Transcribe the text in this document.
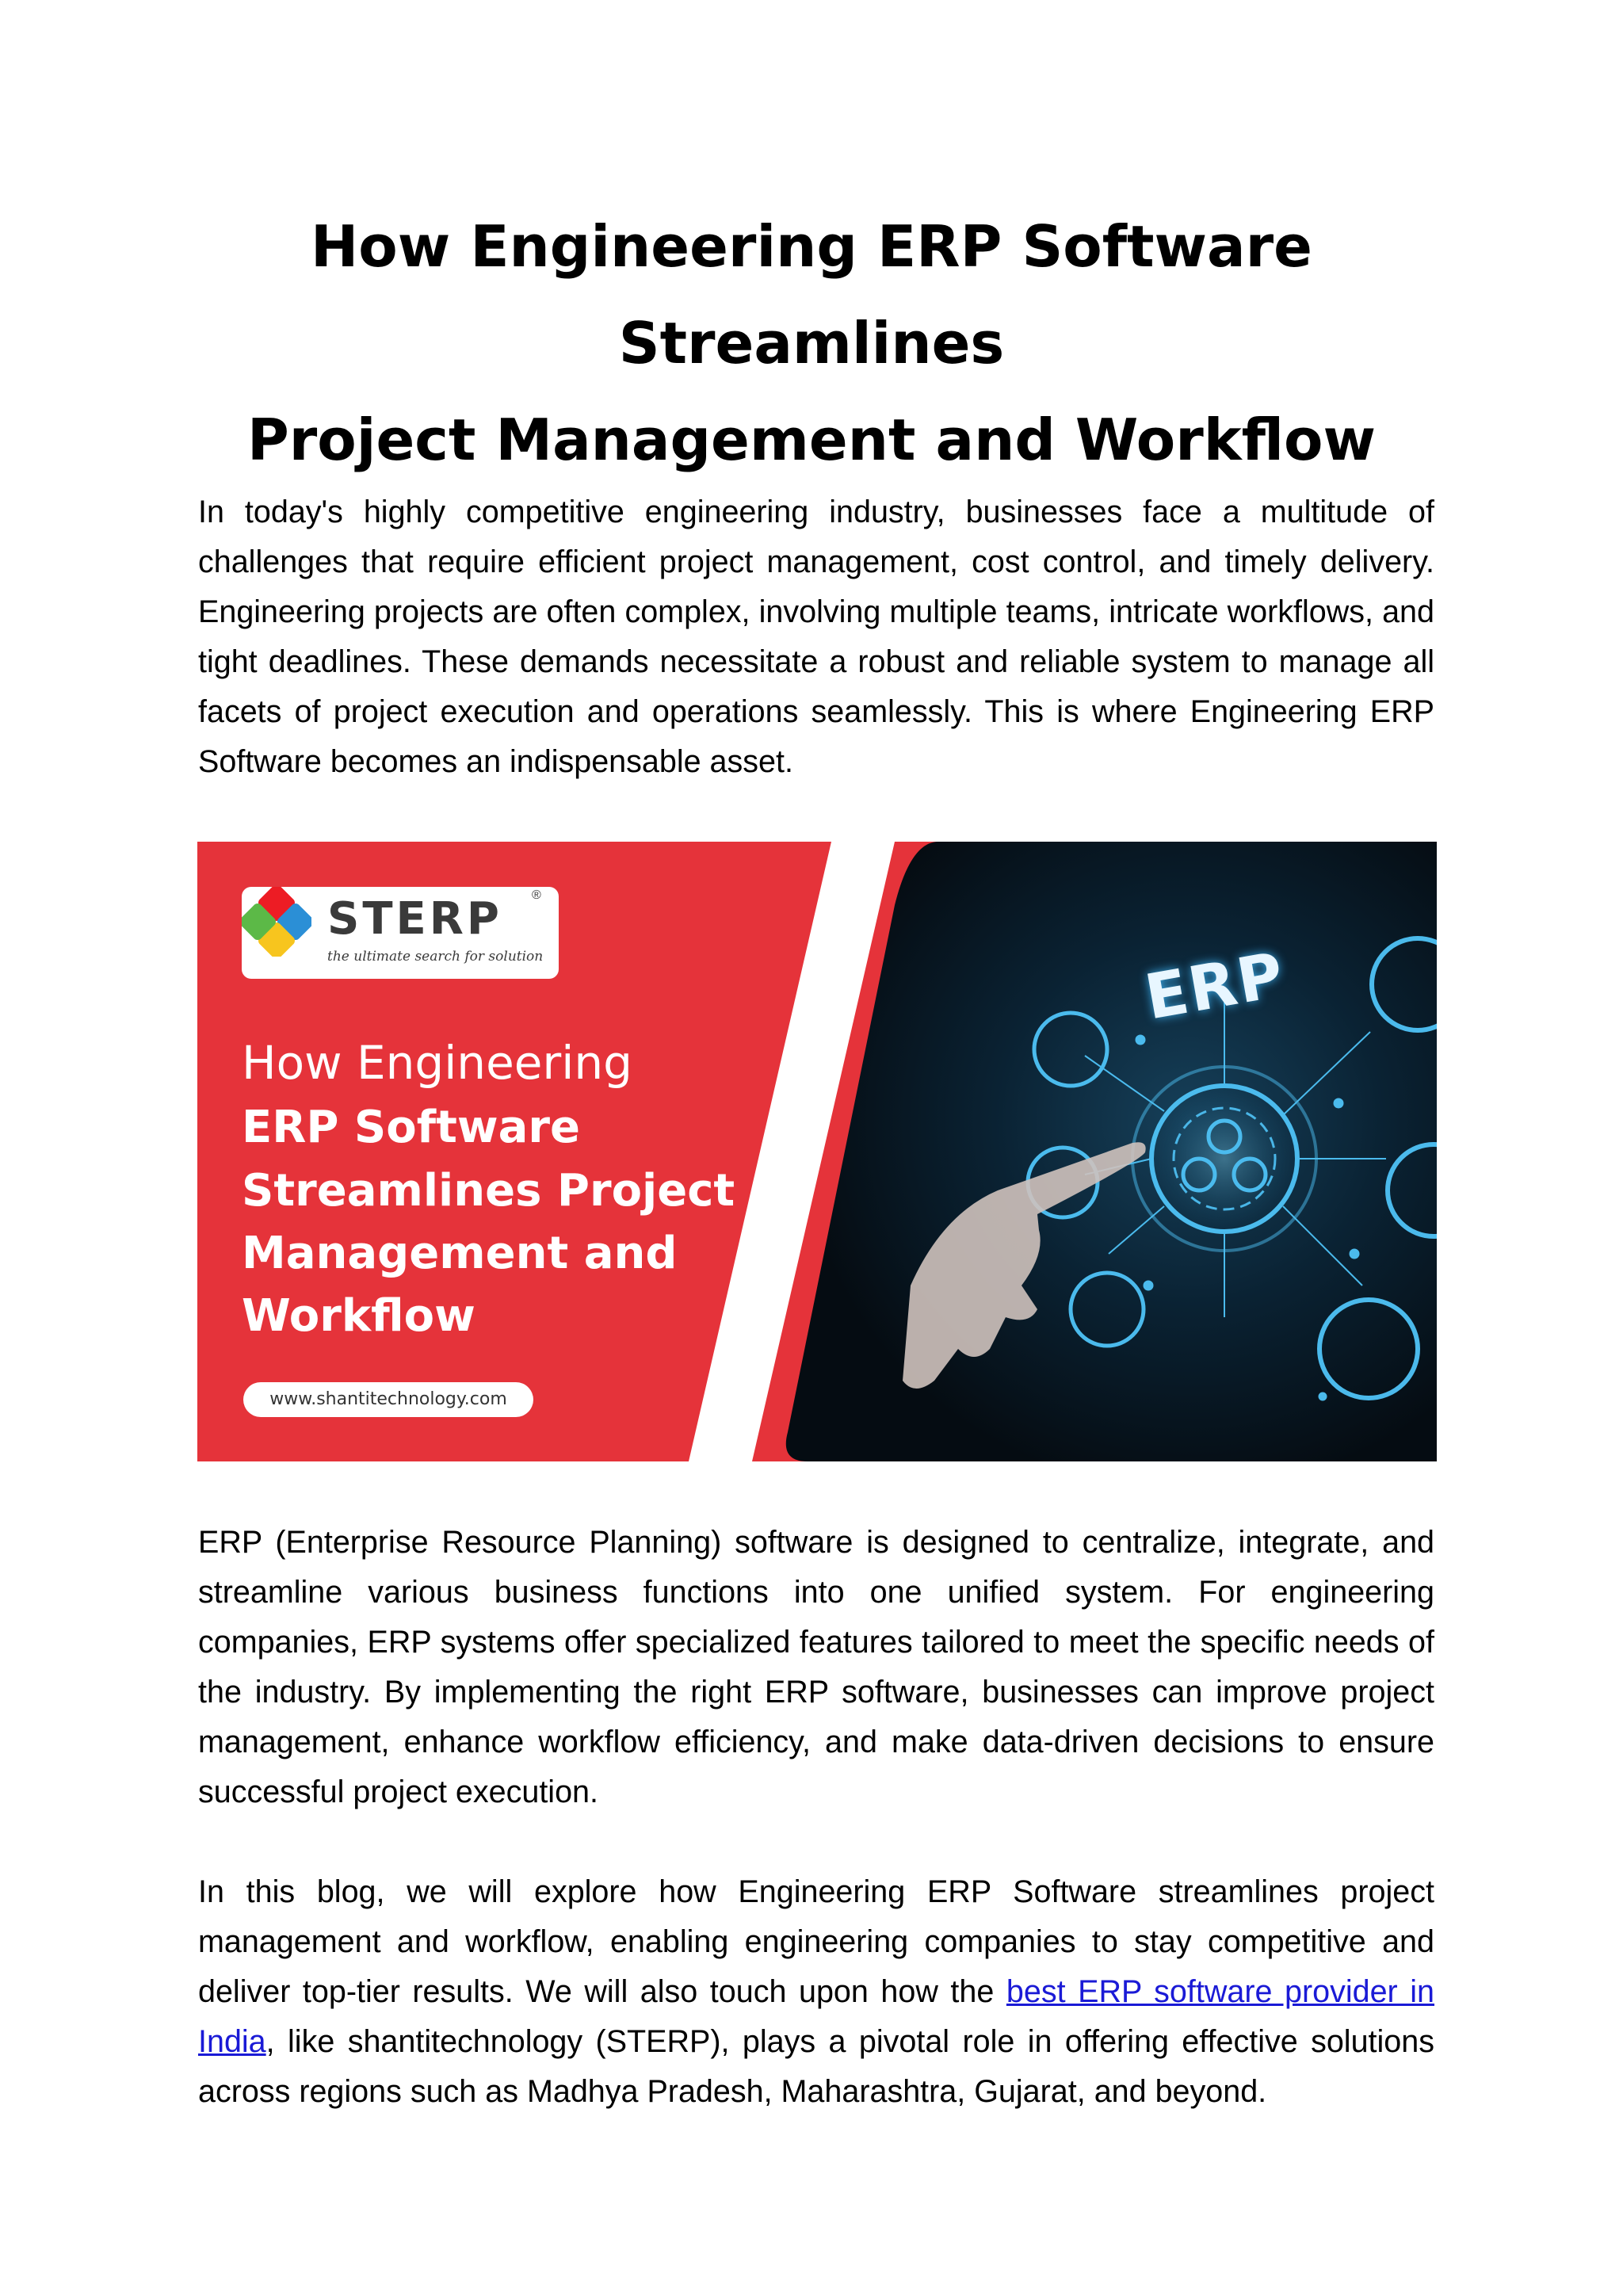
How Engineering ERP Software Streamlines
Project Management and Workflow

In today's highly competitive engineering industry, businesses face a multitude of challenges that require efficient project management, cost control, and timely delivery. Engineering projects are often complex, involving multiple teams, intricate workflows, and tight deadlines. These demands necessitate a robust and reliable system to manage all facets of project execution and operations seamlessly. This is where Engineering ERP Software becomes an indispensable asset.

ERP
STERP ®
the ultimate search for solution
How Engineering
ERP Software
Streamlines Project
Management and
Workflow
www.shantitechnology.com

ERP (Enterprise Resource Planning) software is designed to centralize, integrate, and streamline various business functions into one unified system. For engineering companies, ERP systems offer specialized features tailored to meet the specific needs of the industry. By implementing the right ERP software, businesses can improve project management, enhance workflow efficiency, and make data-driven decisions to ensure successful project execution.

In this blog, we will explore how Engineering ERP Software streamlines project management and workflow, enabling engineering companies to stay competitive and deliver top-tier results. We will also touch upon how the best ERP software provider in India, like shantitechnology (STERP), plays a pivotal role in offering effective solutions across regions such as Madhya Pradesh, Maharashtra, Gujarat, and beyond.
